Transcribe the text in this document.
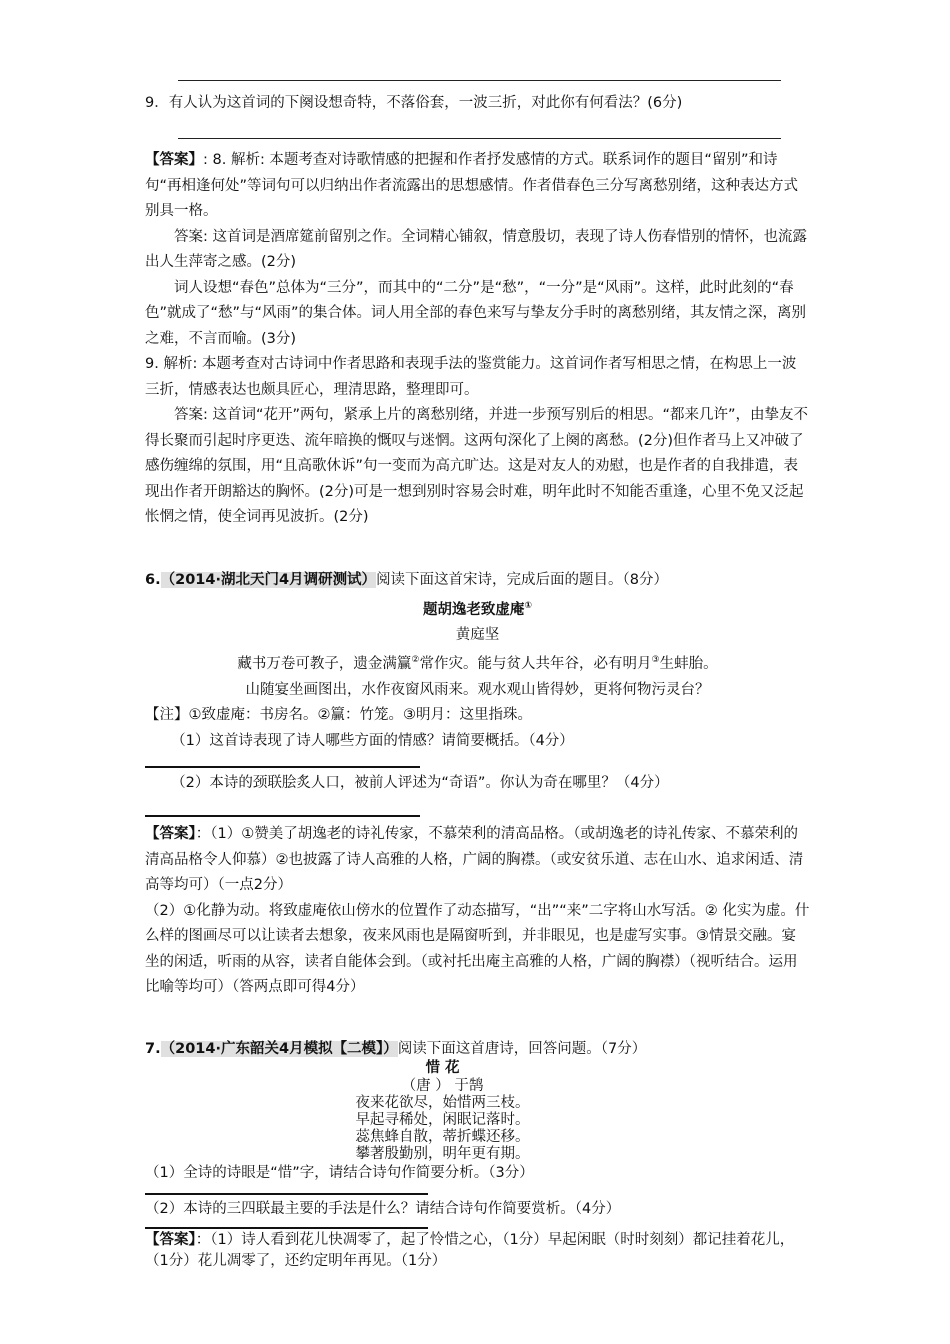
9．有人认为这首词的下阕设想奇特，不落俗套，一波三折，对此你有何看法？(6分)

【答案】: 8. 解析: 本题考查对诗歌情感的把握和作者抒发感情的方式。联系词作的题目“留别”和诗句“再相逢何处”等词句可以归纳出作者流露出的思想感情。作者借春色三分写离愁别绪，这种表达方式别具一格。

答案: 这首词是酒席筵前留别之作。全词精心铺叙，情意殷切，表现了诗人伤春惜别的情怀，也流露出人生萍寄之感。(2分)

词人设想“春色”总体为“三分”，而其中的“二分”是“愁”，“一分”是“风雨”。这样，此时此刻的“春色”就成了“愁”与“风雨”的集合体。词人用全部的春色来写与挚友分手时的离愁别绪，其友情之深，离别之难，不言而喻。(3分)

9. 解析: 本题考查对古诗词中作者思路和表现手法的鉴赏能力。这首词作者写相思之情，在构思上一波三折，情感表达也颇具匠心，理清思路，整理即可。

答案: 这首词“花开”两句，紧承上片的离愁别绪，并进一步预写别后的相思。“都来几许”，由挚友不得长聚而引起时序更迭、流年暗换的慨叹与迷惘。这两句深化了上阕的离愁。(2分)但作者马上又冲破了感伤缠绵的氛围，用“且高歌休诉”句一变而为高亢旷达。这是对友人的劝慰，也是作者的自我排遣，表现出作者开朗豁达的胸怀。(2分)可是一想到别时容易会时难，明年此时不知能否重逢，心里不免又泛起怅惘之情，使全词再见波折。(2分)

6.（2014·湖北天门4月调研测试）阅读下面这首宋诗，完成后面的题目。（8分）

题胡逸老致虚庵①

黄庭坚

藏书万卷可教子，遗金满籯②常作灾。能与贫人共年谷，必有明月③生蚌胎。

山随宴坐画图出，水作夜窗风雨来。观水观山皆得妙，更将何物污灵台？

【注】①致虚庵：书房名。②籯：竹笼。③明月：这里指珠。

（1）这首诗表现了诗人哪些方面的情感？请简要概括。（4分）

（2）本诗的颈联脍炙人口，被前人评述为“奇语”。你认为奇在哪里？（4分）

【答案】：（1）①赞美了胡逸老的诗礼传家，不慕荣利的清高品格。（或胡逸老的诗礼传家、不慕荣利的清高品格令人仰慕）②也披露了诗人高雅的人格，广阔的胸襟。（或安贫乐道、志在山水、追求闲适、清高等均可）（一点2分）

（2）①化静为动。将致虚庵依山傍水的位置作了动态描写，“出”“来”二字将山水写活。② 化实为虚。什么样的图画尽可以让读者去想象，夜来风雨也是隔窗听到，并非眼见，也是虚写实事。③情景交融。宴坐的闲适，听雨的从容，读者自能体会到。（或衬托出庵主高雅的人格，广阔的胸襟）（视听结合。运用比喻等均可）（答两点即可得4分）

7.（2014·广东韶关4月模拟【二模】）阅读下面这首唐诗，回答问题。（7分）

惜 花

（唐 ） 于鹄

夜来花欲尽，始惜两三枝。

早起寻稀处，闲眠记落时。

蕊焦蜂自散，蒂折蝶还移。

攀著殷勤别，明年更有期。

（1）全诗的诗眼是“惜”字，请结合诗句作简要分析。（3分）

（2）本诗的三四联最主要的手法是什么？请结合诗句作简要赏析。（4分）

【答案】：（1）诗人看到花儿快凋零了，起了怜惜之心，（1分）早起闲眠（时时刻刻）都记挂着花儿，（1分）花儿凋零了，还约定明年再见。（1分）
